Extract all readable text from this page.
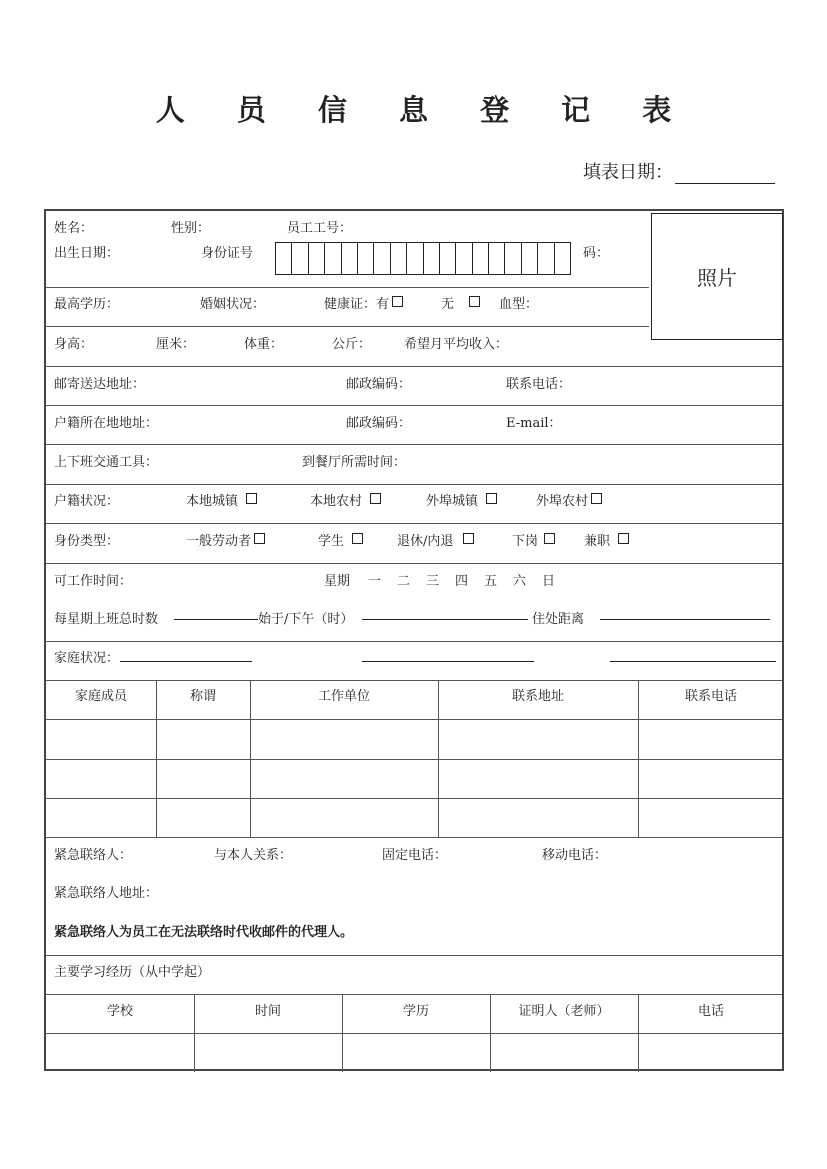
人 员 信 息 登 记 表
填表日期：
照片
姓名：	性别：	员工工号：
出生日期：	身份证号	码：
最高学历：	婚姻状况：	健康证：有	无	血型：
身高：	厘米：	体重：	公斤：	希望月平均收入：
邮寄送达地址：	邮政编码：	联系电话：
户籍所在地地址：	邮政编码：	E-mail：
上下班交通工具：	到餐厅所需时间：
户籍状况：	本地城镇	本地农村	外埠城镇	外埠农村
身份类型：	一般劳动者	学生	退休/内退	下岗	兼职
可工作时间：	星期 一 二 三 四 五 六 日
每星期上班总时数	始于/下午（时）	住处距离
家庭状况：
家庭成员	称谓	工作单位	联系地址	联系电话
紧急联络人：	与本人关系：	固定电话：	移动电话：
紧急联络人地址：
紧急联络人为员工在无法联络时代收邮件的代理人。
主要学习经历（从中学起）
学校	时间	学历	证明人（老师）	电话
